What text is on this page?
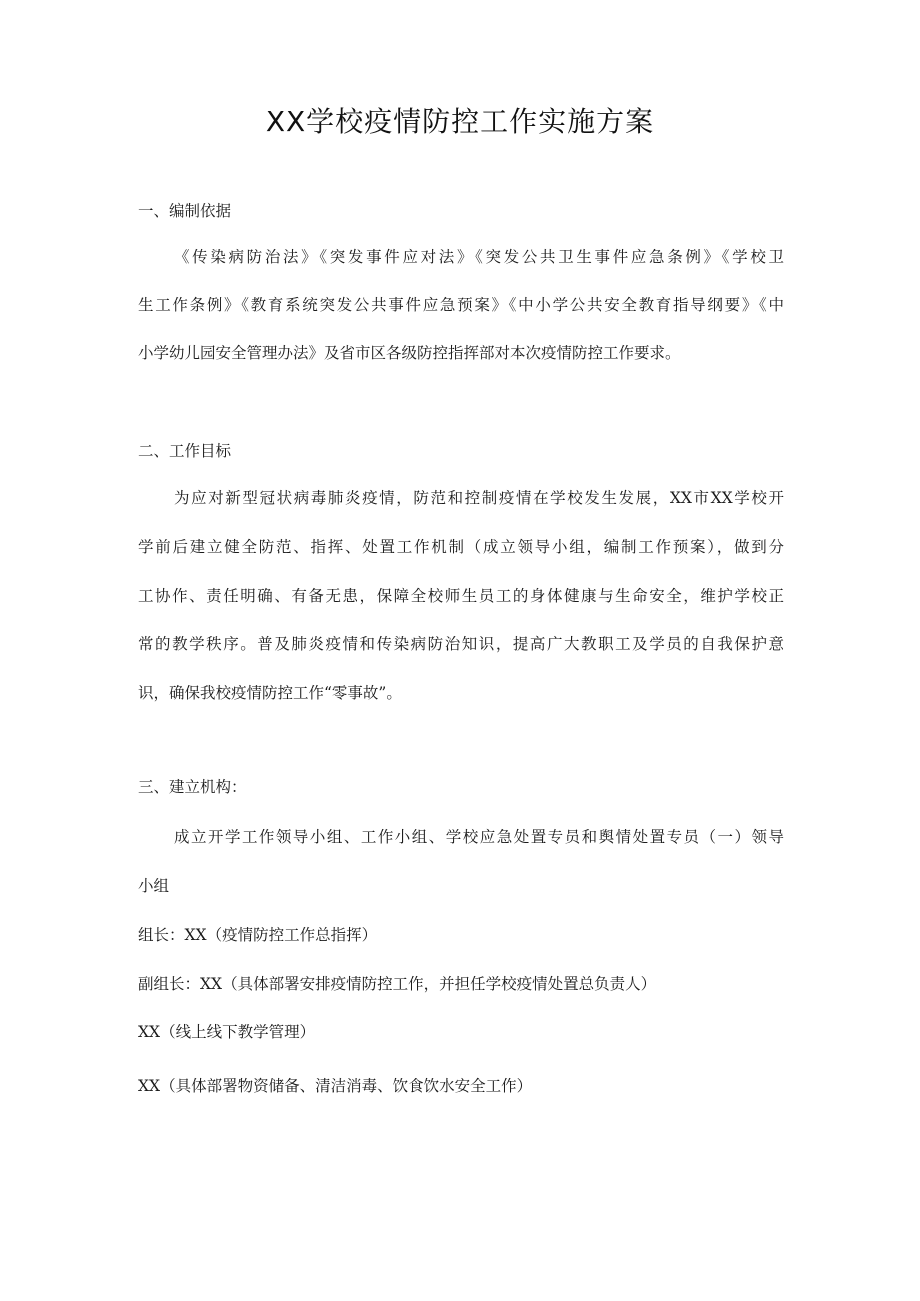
XX学校疫情防控工作实施方案
一、编制依据
《传染病防治法》《突发事件应对法》《突发公共卫生事件应急条例》《学校卫
生工作条例》《教育系统突发公共事件应急预案》《中小学公共安全教育指导纲要》《中
小学幼儿园安全管理办法》及省市区各级防控指挥部对本次疫情防控工作要求。
二、工作目标
为应对新型冠状病毒肺炎疫情，防范和控制疫情在学校发生发展，XX市XX学校开
学前后建立健全防范、指挥、处置工作机制（成立领导小组，编制工作预案），做到分
工协作、责任明确、有备无患，保障全校师生员工的身体健康与生命安全，维护学校正
常的教学秩序。普及肺炎疫情和传染病防治知识，提高广大教职工及学员的自我保护意
识，确保我校疫情防控工作“零事故”。
三、建立机构：
成立开学工作领导小组、工作小组、学校应急处置专员和舆情处置专员（一）领导
小组
组长：XX（疫情防控工作总指挥）
副组长：XX（具体部署安排疫情防控工作，并担任学校疫情处置总负责人）
XX（线上线下教学管理）
XX（具体部署物资储备、清洁消毒、饮食饮水安全工作）
